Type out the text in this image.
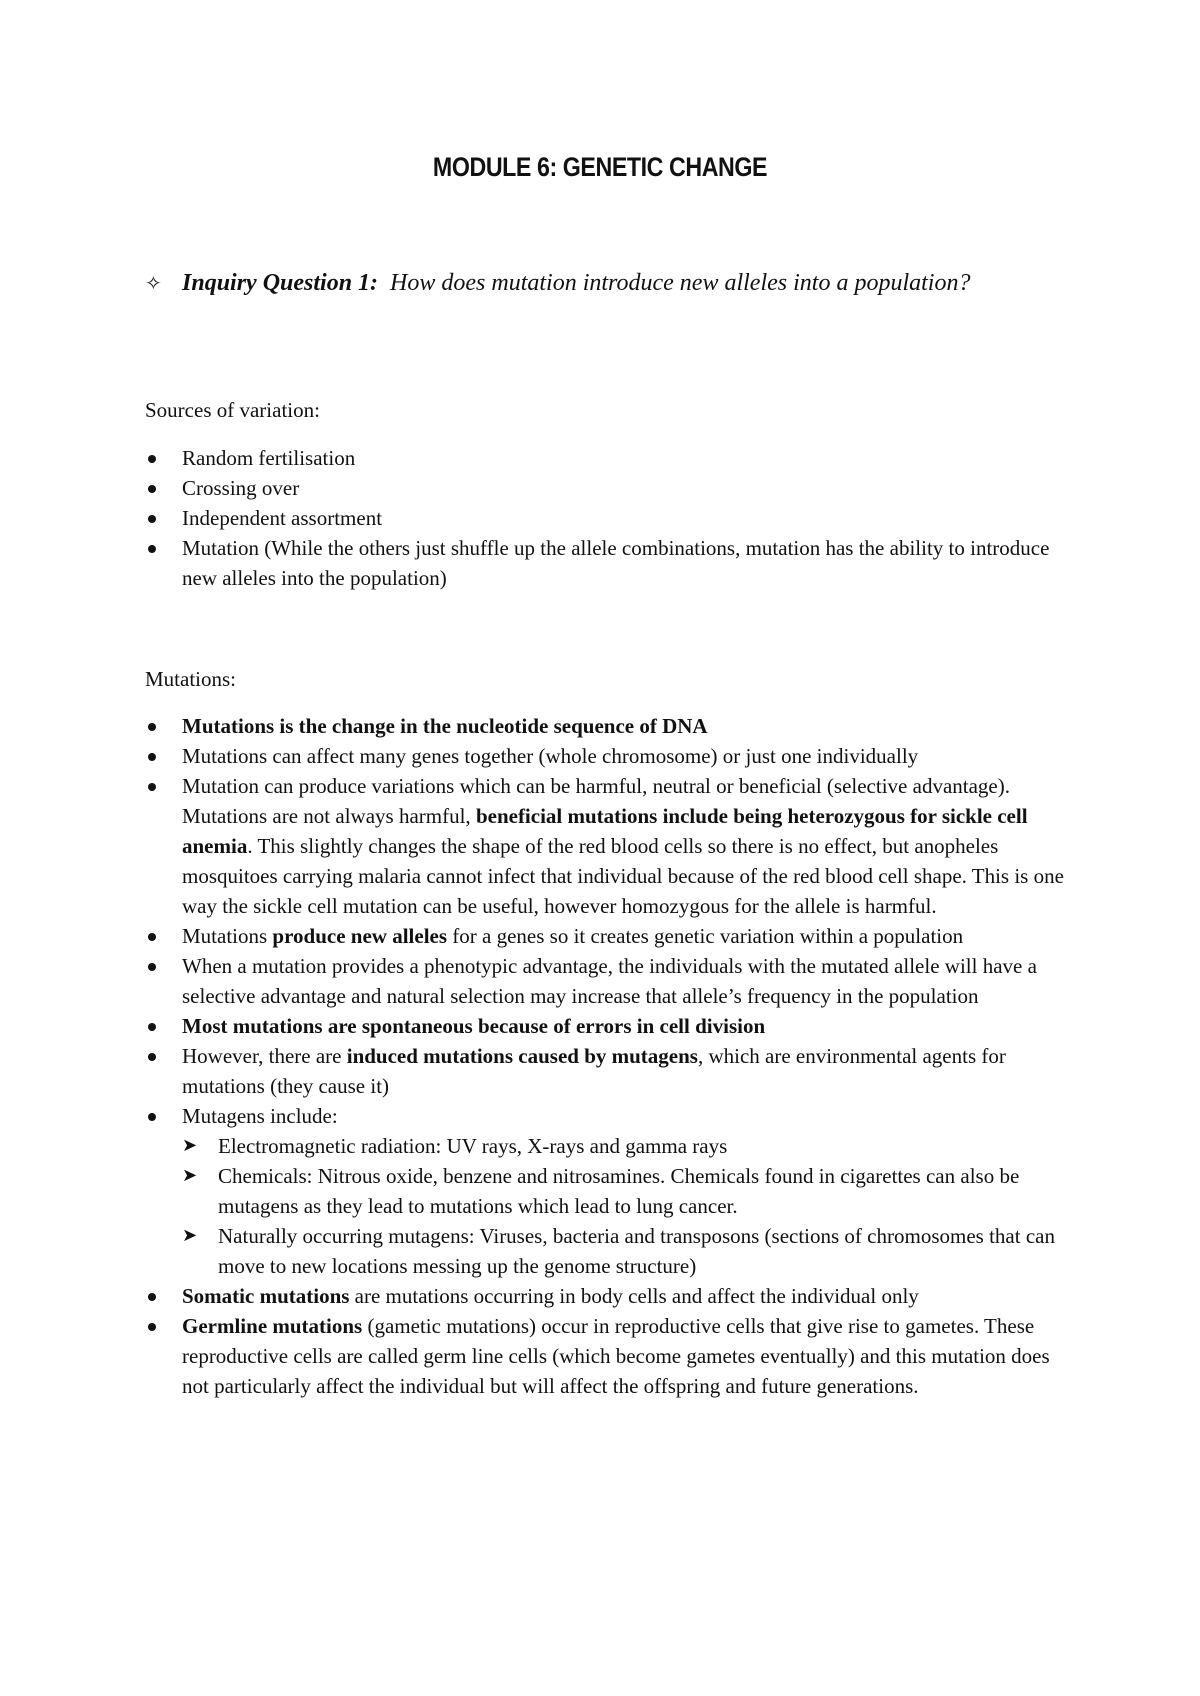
MODULE 6: GENETIC CHANGE
✧ Inquiry Question 1: How does mutation introduce new alleles into a population?
Sources of variation:
Random fertilisation
Crossing over
Independent assortment
Mutation (While the others just shuffle up the allele combinations, mutation has the ability to introduce new alleles into the population)
Mutations:
Mutations is the change in the nucleotide sequence of DNA
Mutations can affect many genes together (whole chromosome) or just one individually
Mutation can produce variations which can be harmful, neutral or beneficial (selective advantage). Mutations are not always harmful, beneficial mutations include being heterozygous for sickle cell anemia. This slightly changes the shape of the red blood cells so there is no effect, but anopheles mosquitoes carrying malaria cannot infect that individual because of the red blood cell shape. This is one way the sickle cell mutation can be useful, however homozygous for the allele is harmful.
Mutations produce new alleles for a genes so it creates genetic variation within a population
When a mutation provides a phenotypic advantage, the individuals with the mutated allele will have a selective advantage and natural selection may increase that allele’s frequency in the population
Most mutations are spontaneous because of errors in cell division
However, there are induced mutations caused by mutagens, which are environmental agents for mutations (they cause it)
Mutagens include:
➤ Electromagnetic radiation: UV rays, X-rays and gamma rays
➤ Chemicals: Nitrous oxide, benzene and nitrosamines. Chemicals found in cigarettes can also be mutagens as they lead to mutations which lead to lung cancer.
➤ Naturally occurring mutagens: Viruses, bacteria and transposons (sections of chromosomes that can move to new locations messing up the genome structure)
Somatic mutations are mutations occurring in body cells and affect the individual only
Germline mutations (gametic mutations) occur in reproductive cells that give rise to gametes. These reproductive cells are called germ line cells (which become gametes eventually) and this mutation does not particularly affect the individual but will affect the offspring and future generations.
